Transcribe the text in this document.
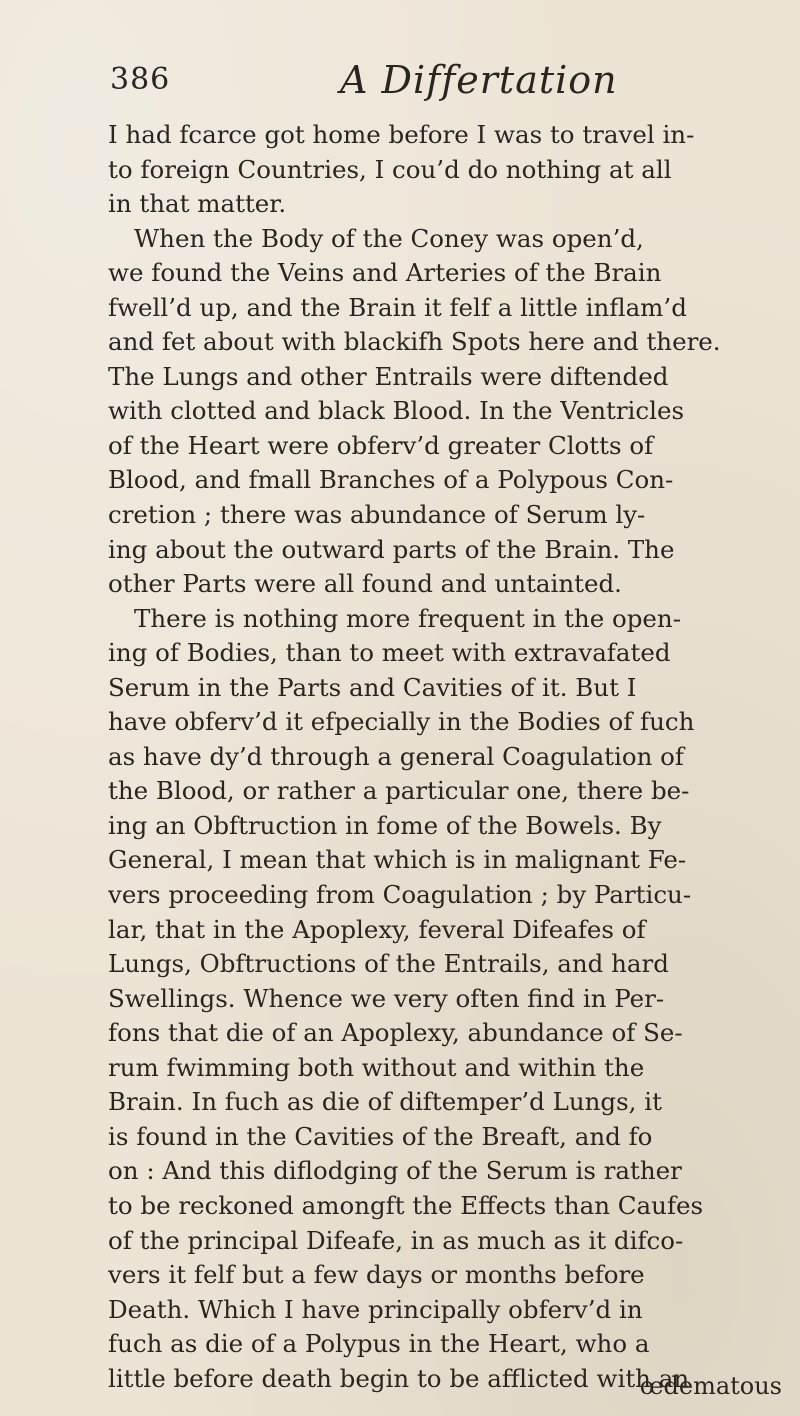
386	A Differtation
I had fcarce got home before I was to travel in-
to foreign Countries, I cou’d do nothing at all
in that matter.
When the Body of the Coney was open’d,
we found the Veins and Arteries of the Brain
fwell’d up, and the Brain it felf a little inflam’d
and fet about with blackifh Spots here and there.
The Lungs and other Entrails were diftended
with clotted and black Blood. In the Ventricles
of the Heart were obferv’d greater Clotts of
Blood, and fmall Branches of a Polypous Con-
cretion ; there was abundance of Serum ly-
ing about the outward parts of the Brain. The
other Parts were all found and untainted.
There is nothing more frequent in the open-
ing of Bodies, than to meet with extravafated
Serum in the Parts and Cavities of it. But I
have obferv’d it efpecially in the Bodies of fuch
as have dy’d through a general Coagulation of
the Blood, or rather a particular one, there be-
ing an Obftruction in fome of the Bowels. By
General, I mean that which is in malignant Fe-
vers proceeding from Coagulation ; by Particu-
lar, that in the Apoplexy, feveral Difeafes of
Lungs, Obftructions of the Entrails, and hard
Swellings. Whence we very often find in Per-
fons that die of an Apoplexy, abundance of Se-
rum fwimming both without and within the
Brain. In fuch as die of diftemper’d Lungs, it
is found in the Cavities of the Breaft, and fo
on : And this diflodging of the Serum is rather
to be reckoned amongft the Effects than Caufes
of the principal Difeafe, in as much as it difco-
vers it felf but a few days or months before
Death. Which I have principally obferv’d in
fuch as die of a Polypus in the Heart, who a
little before death begin to be afflicted with an
œdematous
